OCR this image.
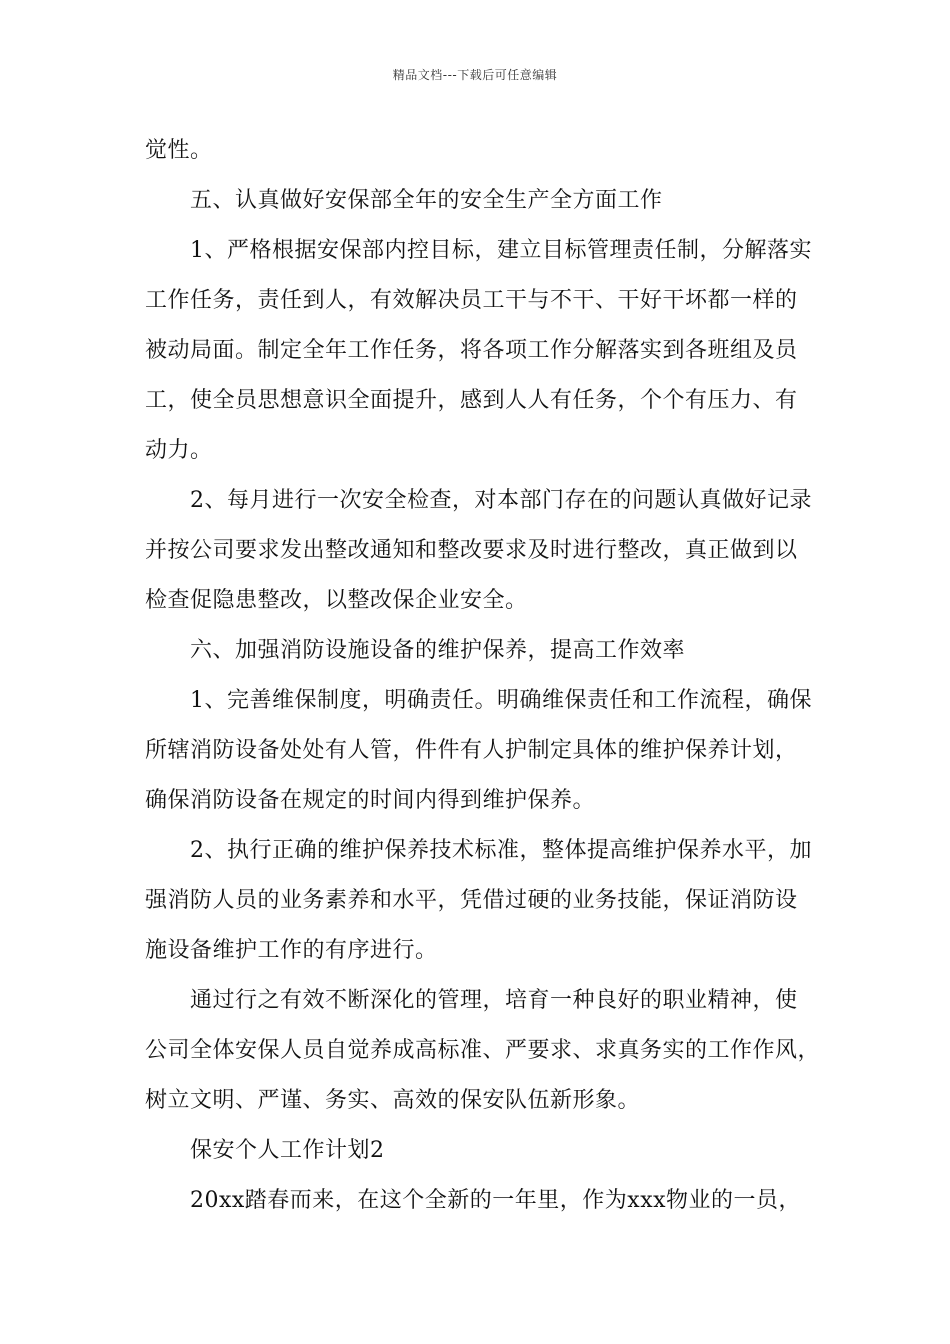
精品文档---下载后可任意编辑
觉性。
五、认真做好安保部全年的安全生产全方面工作
1、严格根据安保部内控目标，建立目标管理责任制，分解落实
工作任务，责任到人，有效解决员工干与不干、干好干坏都一样的
被动局面。制定全年工作任务，将各项工作分解落实到各班组及员
工，使全员思想意识全面提升，感到人人有任务，个个有压力、有
动力。
2、每月进行一次安全检查，对本部门存在的问题认真做好记录
并按公司要求发出整改通知和整改要求及时进行整改，真正做到以
检查促隐患整改，以整改保企业安全。
六、加强消防设施设备的维护保养，提高工作效率
1、完善维保制度，明确责任。明确维保责任和工作流程，确保
所辖消防设备处处有人管，件件有人护制定具体的维护保养计划，
确保消防设备在规定的时间内得到维护保养。
2、执行正确的维护保养技术标准，整体提高维护保养水平，加
强消防人员的业务素养和水平，凭借过硬的业务技能，保证消防设
施设备维护工作的有序进行。
通过行之有效不断深化的管理，培育一种良好的职业精神，使
公司全体安保人员自觉养成高标准、严要求、求真务实的工作作风，
树立文明、严谨、务实、高效的保安队伍新形象。
保安个人工作计划2
20xx踏春而来，在这个全新的一年里，作为xxx物业的一员，
